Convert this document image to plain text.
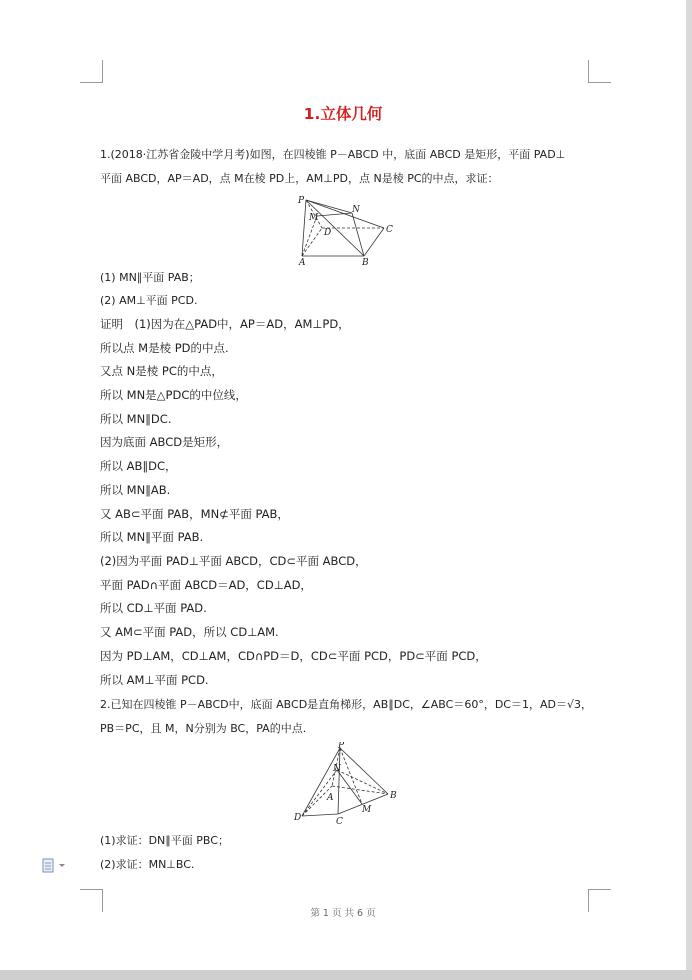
1.立体几何
1.(2018·江苏省金陵中学月考)如图，在四棱锥 P－ABCD 中，底面 ABCD 是矩形，平面 PAD⊥
平面 ABCD，AP＝AD，点 M在棱 PD上，AM⊥PD，点 N是棱 PC的中点，求证：
P
M
N
D	C
A	B
(1) MN∥平面 PAB；
(2) AM⊥平面 PCD.
证明　(1)因为在△PAD中，AP＝AD，AM⊥PD，
所以点 M是棱 PD的中点.
又点 N是棱 PC的中点，
所以 MN是△PDC的中位线，
所以 MN∥DC.
因为底面 ABCD是矩形，
所以 AB∥DC，
所以 MN∥AB.
又 AB⊂平面 PAB，MN⊄平面 PAB，
所以 MN∥平面 PAB.
(2)因为平面 PAD⊥平面 ABCD，CD⊂平面 ABCD，
平面 PAD∩平面 ABCD＝AD，CD⊥AD，
所以 CD⊥平面 PAD.
又 AM⊂平面 PAD，所以 CD⊥AM.
因为 PD⊥AM，CD⊥AM，CD∩PD＝D，CD⊂平面 PCD，PD⊂平面 PCD，
所以 AM⊥平面 PCD.
2.已知在四棱锥 P－ABCD中，底面 ABCD是直角梯形，AB∥DC，∠ABC＝60°，DC＝1，AD＝√3，
PB＝PC，且 M，N分别为 BC，PA的中点.
P
N
A	B
M
D	C
(1)求证：DN∥平面 PBC；
(2)求证：MN⊥BC.
第 1 页 共 6 页
